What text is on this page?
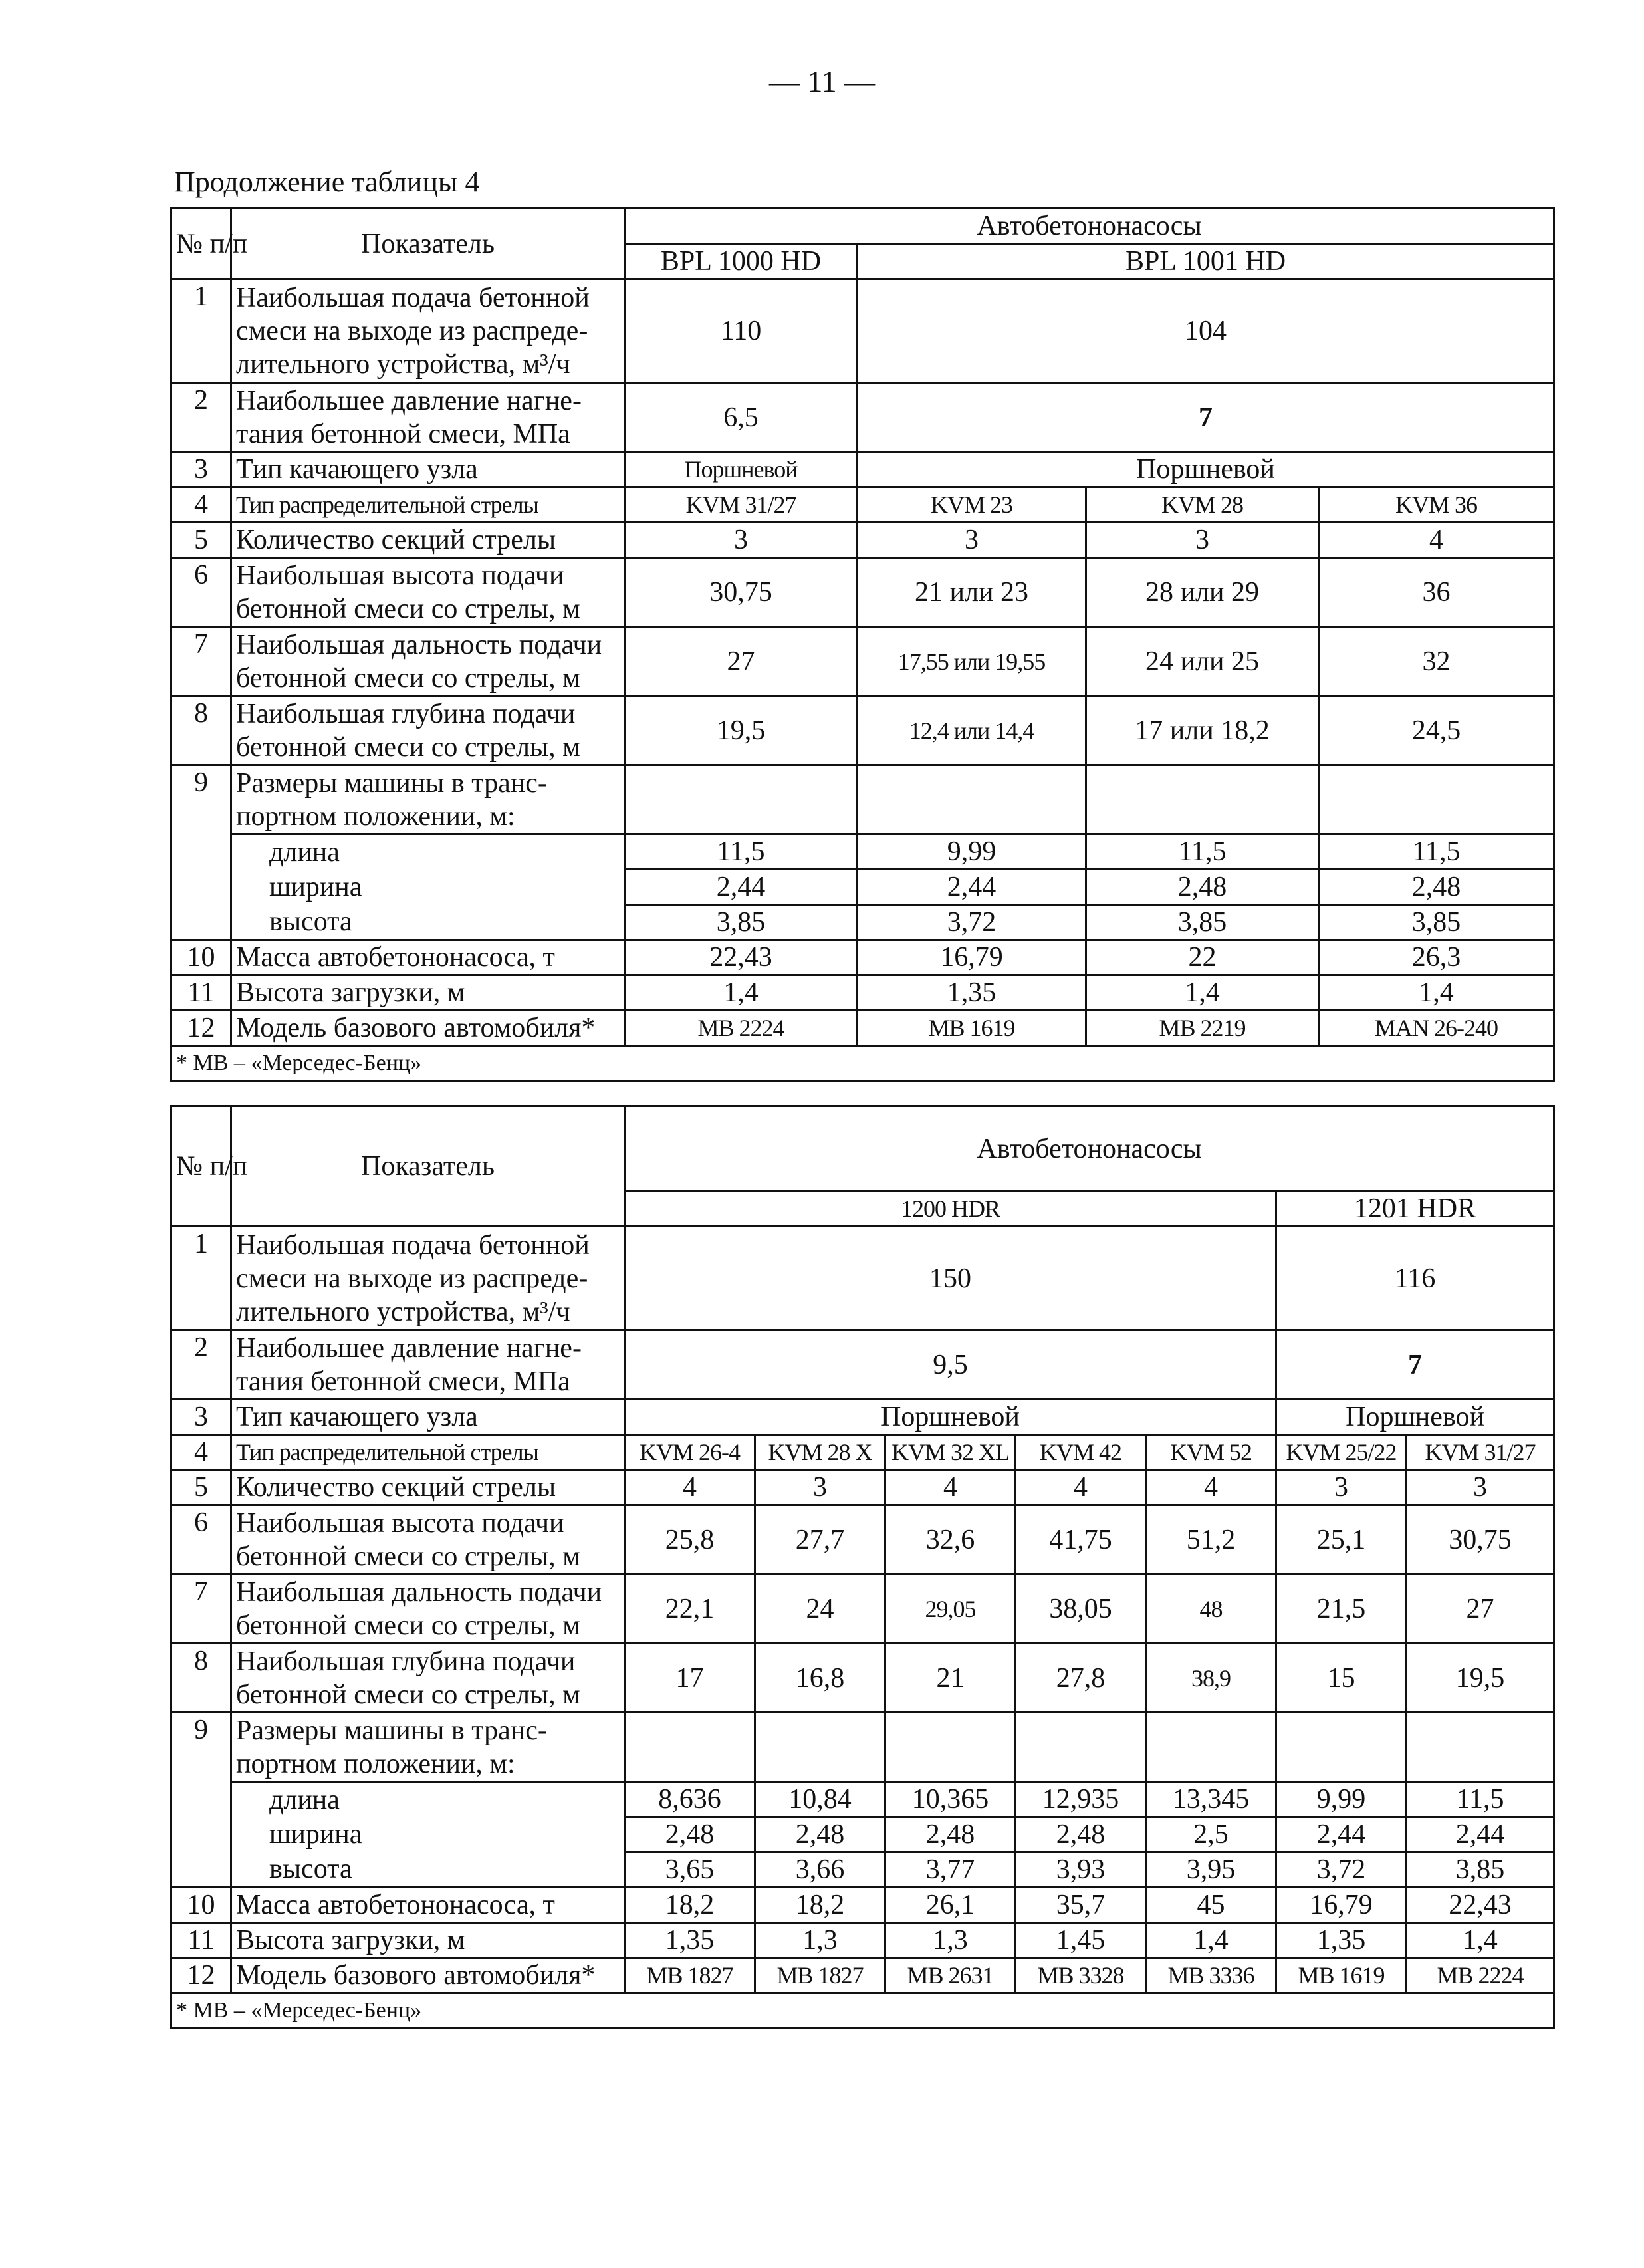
— 11 —
Продолжение таблицы 4
№ п/п	Показатель	Автобетононасосы			
		BPL 1000 HD	BPL 1001 HD		
1	Наибольшая подача бетонной смеси на выходе из распреде-лительного устройства, м³/ч	110	104		
2	Наибольшее давление нагне-тания бетонной смеси, МПа	6,5	7		
3	Тип качающего узла	Поршневой	Поршневой		
4	Тип распределительной стрелы	KVM 31/27	KVM 23	KVM 28	KVM 36
5	Количество секций стрелы	3	3	3	4
6	Наибольшая высота подачи бетонной смеси со стрелы, м	30,75	21 или 23	28 или 29	36
7	Наибольшая дальность подачи бетонной смеси со стрелы, м	27	17,55 или 19,55	24 или 25	32
8	Наибольшая глубина подачи бетонной смеси со стрелы, м	19,5	12,4 или 14,4	17 или 18,2	24,5
9	Размеры машины в транс-портном положении, м:				
	длина	11,5	9,99	11,5	11,5
	ширина	2,44	2,44	2,48	2,48
	высота	3,85	3,72	3,85	3,85
10	Масса автобетононасоса, т	22,43	16,79	22	26,3
11	Высота загрузки, м	1,4	1,35	1,4	1,4
12	Модель базового автомобиля*	MB 2224	MB 1619	MB 2219	MAN 26-240
* MB – «Мерседес-Бенц»					
№ п/п	Показатель	Автобетононасосы						
		1200 HDR					1201 HDR	
1	Наибольшая подача бетонной смеси на выходе из распреде-лительного устройства, м³/ч	150					116	
2	Наибольшее давление нагне-тания бетонной смеси, МПа	9,5					7	
3	Тип качающего узла	Поршневой					Поршневой	
4	Тип распределительной стрелы	KVM 26-4	KVM 28 X	KVM 32 XL	KVM 42	KVM 52	KVM 25/22	KVM 31/27
5	Количество секций стрелы	4	3	4	4	4	3	3
6	Наибольшая высота подачи бетонной смеси со стрелы, м	25,8	27,7	32,6	41,75	51,2	25,1	30,75
7	Наибольшая дальность подачи бетонной смеси со стрелы, м	22,1	24	29,05	38,05	48	21,5	27
8	Наибольшая глубина подачи бетонной смеси со стрелы, м	17	16,8	21	27,8	38,9	15	19,5
9	Размеры машины в транс-портном положении, м:							
	длина	8,636	10,84	10,365	12,935	13,345	9,99	11,5
	ширина	2,48	2,48	2,48	2,48	2,5	2,44	2,44
	высота	3,65	3,66	3,77	3,93	3,95	3,72	3,85
10	Масса автобетононасоса, т	18,2	18,2	26,1	35,7	45	16,79	22,43
11	Высота загрузки, м	1,35	1,3	1,3	1,45	1,4	1,35	1,4
12	Модель базового автомобиля*	MB 1827	MB 1827	MB 2631	MB 3328	MB 3336	MB 1619	MB 2224
* MB – «Мерседес-Бенц»								
